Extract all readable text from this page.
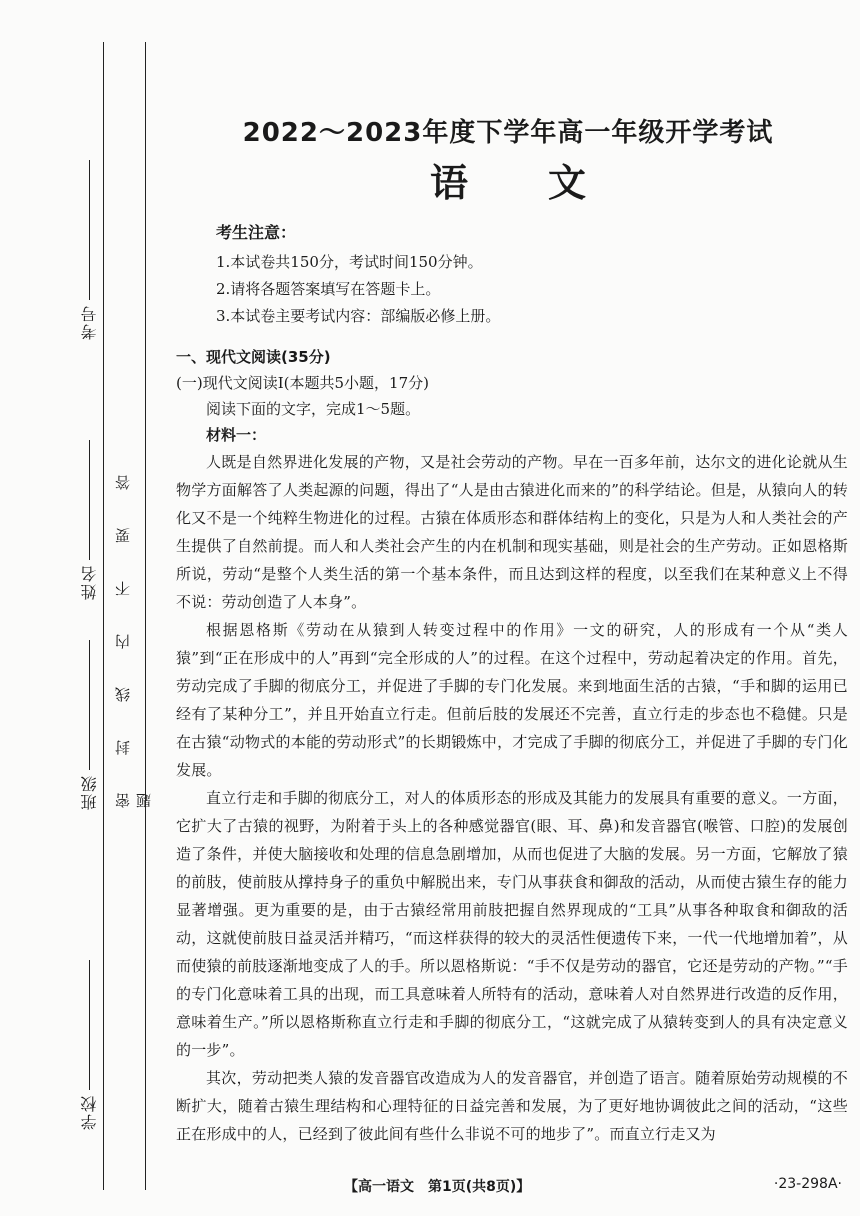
考号
姓名
班级
学校
密封线内不要答题
2022～2023年度下学年高一年级开学考试
语文
考生注意：
1.本试卷共150分，考试时间150分钟。
2.请将各题答案填写在答题卡上。
3.本试卷主要考试内容：部编版必修上册。
一、现代文阅读(35分)
(一)现代文阅读Ⅰ(本题共5小题，17分)
阅读下面的文字，完成1～5题。
材料一：

人既是自然界进化发展的产物，又是社会劳动的产物。早在一百多年前，达尔文的进化论就从生物学方面解答了人类起源的问题，得出了“人是由古猿进化而来的”的科学结论。但是，从猿向人的转化又不是一个纯粹生物进化的过程。古猿在体质形态和群体结构上的变化，只是为人和人类社会的产生提供了自然前提。而人和人类社会产生的内在机制和现实基础，则是社会的生产劳动。正如恩格斯所说，劳动“是整个人类生活的第一个基本条件，而且达到这样的程度，以至我们在某种意义上不得不说：劳动创造了人本身”。

根据恩格斯《劳动在从猿到人转变过程中的作用》一文的研究，人的形成有一个从“类人猿”到“正在形成中的人”再到“完全形成的人”的过程。在这个过程中，劳动起着决定的作用。首先，劳动完成了手脚的彻底分工，并促进了手脚的专门化发展。来到地面生活的古猿，“手和脚的运用已经有了某种分工”，并且开始直立行走。但前后肢的发展还不完善，直立行走的步态也不稳健。只是在古猿“动物式的本能的劳动形式”的长期锻炼中，才完成了手脚的彻底分工，并促进了手脚的专门化发展。

直立行走和手脚的彻底分工，对人的体质形态的形成及其能力的发展具有重要的意义。一方面，它扩大了古猿的视野，为附着于头上的各种感觉器官(眼、耳、鼻)和发音器官(喉管、口腔)的发展创造了条件，并使大脑接收和处理的信息急剧增加，从而也促进了大脑的发展。另一方面，它解放了猿的前肢，使前肢从撑持身子的重负中解脱出来，专门从事获食和御敌的活动，从而使古猿生存的能力显著增强。更为重要的是，由于古猿经常用前肢把握自然界现成的“工具”从事各种取食和御敌的活动，这就使前肢日益灵活并精巧，“而这样获得的较大的灵活性便遗传下来，一代一代地增加着”，从而使猿的前肢逐渐地变成了人的手。所以恩格斯说：“手不仅是劳动的器官，它还是劳动的产物。”“手的专门化意味着工具的出现，而工具意味着人所特有的活动，意味着人对自然界进行改造的反作用，意味着生产。”所以恩格斯称直立行走和手脚的彻底分工，“这就完成了从猿转变到人的具有决定意义的一步”。

其次，劳动把类人猿的发音器官改造成为人的发音器官，并创造了语言。随着原始劳动规模的不断扩大，随着古猿生理结构和心理特征的日益完善和发展，为了更好地协调彼此之间的活动，“这些正在形成中的人，已经到了彼此间有些什么非说不可的地步了”。而直立行走又为

【高一语文　第1页(共8页)】	·23-298A·
